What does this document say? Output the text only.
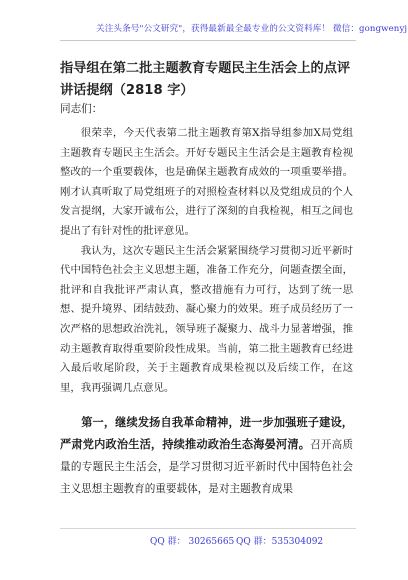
关注头条号"公文研究"，获得最新最全最专业的公文资料库！ 微信：gongwenyj
指导组在第二批主题教育专题民主生活会上的点评讲话提纲（2818 字）
同志们：

很荣幸，今天代表第二批主题教育第X指导组参加X局党组主题教育专题民主生活会。开好专题民主生活会是主题教育检视整改的一个重要载体，也是确保主题教育成效的一项重要举措。刚才认真听取了局党组班子的对照检查材料以及党组成员的个人发言提纲，大家开诚布公，进行了深刻的自我检视，相互之间也提出了有针对性的批评意见。

我认为，这次专题民主生活会紧紧围绕学习贯彻习近平新时代中国特色社会主义思想主题，准备工作充分，问题查摆全面，批评和自我批评严肃认真，整改措施有力可行，达到了统一思想、提升境界、团结鼓劲、凝心聚力的效果。班子成员经历了一次严格的思想政治洗礼，领导班子凝聚力、战斗力显著增强，推动主题教育取得重要阶段性成果。当前，第二批主题教育已经进入最后收尾阶段，关于主题教育成果检视以及后续工作，在这里，我再强调几点意见。

第一，继续发扬自我革命精神，进一步加强班子建设，严肃党内政治生活，持续推动政治生态海晏河清。召开高质量的专题民主生活会，是学习贯彻习近平新时代中国特色社会主义思想主题教育的重要载体，是对主题教育成果

QQ 群： 30265665 QQ 群：535304092
